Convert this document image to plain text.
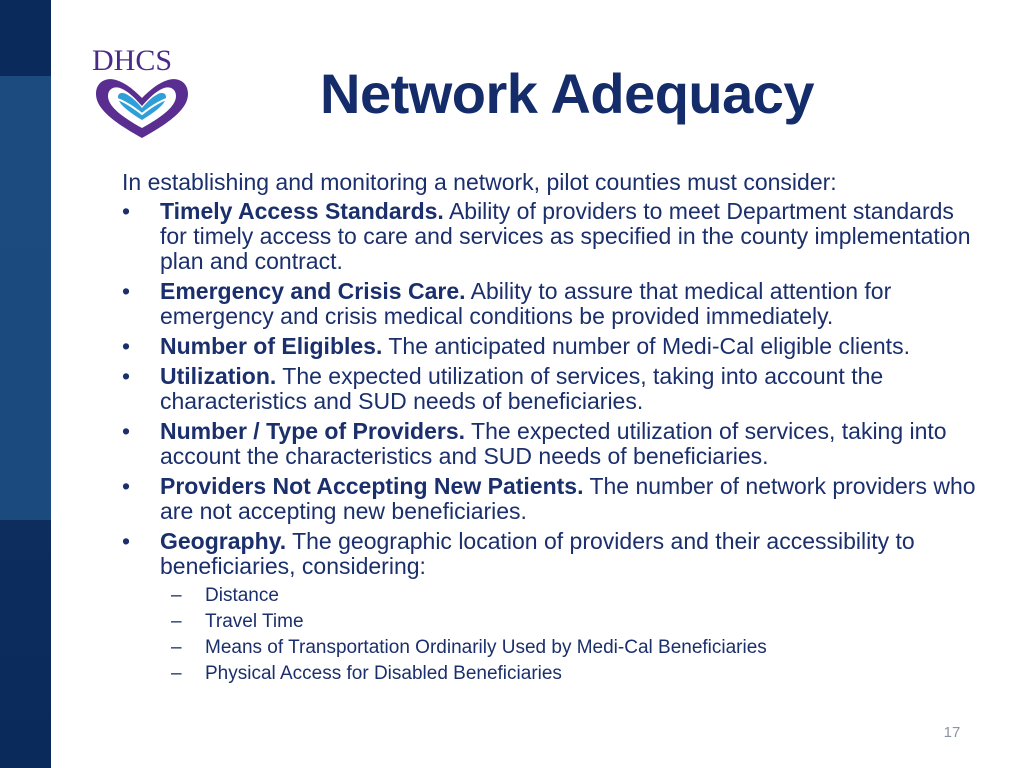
DHCS
Network Adequacy

In establishing and monitoring a network, pilot counties must consider:

• Timely Access Standards. Ability of providers to meet Department standards for timely access to care and services as specified in the county implementation plan and contract.
• Emergency and Crisis Care. Ability to assure that medical attention for emergency and crisis medical conditions be provided immediately.
• Number of Eligibles. The anticipated number of Medi-Cal eligible clients.
• Utilization. The expected utilization of services, taking into account the characteristics and SUD needs of beneficiaries.
• Number / Type of Providers. The expected utilization of services, taking into account the characteristics and SUD needs of beneficiaries.
• Providers Not Accepting New Patients. The number of network providers who are not accepting new beneficiaries.
• Geography. The geographic location of providers and their accessibility to beneficiaries, considering:
– Distance
– Travel Time
– Means of Transportation Ordinarily Used by Medi-Cal Beneficiaries
– Physical Access for Disabled Beneficiaries
17
